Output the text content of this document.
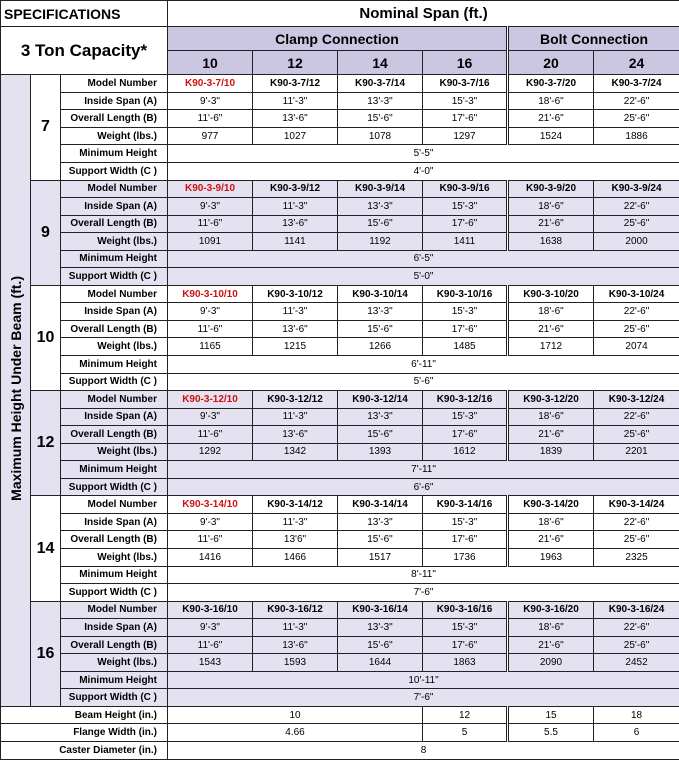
SPECIFICATIONS			Nominal Span (ft.)					
3 Ton Capacity*			Clamp Connection				Bolt Connection	
			10	12	14	16	20	24
Maximum Height Under Beam (ft.)	7	Model Number	K90-3-7/10	K90-3-7/12	K90-3-7/14	K90-3-7/16	K90-3-7/20	K90-3-7/24
		Inside Span (A)	9'-3"	11'-3"	13'-3"	15'-3"	18'-6"	22'-6"
		Overall Length (B)	11'-6"	13'-6"	15'-6"	17'-6"	21'-6"	25'-6"
		Weight (lbs.)	977	1027	1078	1297	1524	1886
		Minimum Height	5'-5"					
		Support Width (C )	4'-0"					
	9	Model Number	K90-3-9/10	K90-3-9/12	K90-3-9/14	K90-3-9/16	K90-3-9/20	K90-3-9/24
		Inside Span (A)	9'-3"	11'-3"	13'-3"	15'-3"	18'-6"	22'-6"
		Overall Length (B)	11'-6"	13'-6"	15'-6"	17'-6"	21'-6"	25'-6"
		Weight (lbs.)	1091	1141	1192	1411	1638	2000
		Minimum Height	6'-5"					
		Support Width (C )	5'-0"					
	10	Model Number	K90-3-10/10	K90-3-10/12	K90-3-10/14	K90-3-10/16	K90-3-10/20	K90-3-10/24
		Inside Span (A)	9'-3"	11'-3"	13'-3"	15'-3"	18'-6"	22'-6"
		Overall Length (B)	11'-6"	13'-6"	15'-6"	17'-6"	21'-6"	25'-6"
		Weight (lbs.)	1165	1215	1266	1485	1712	2074
		Minimum Height	6'-11"					
		Support Width (C )	5'-6"					
	12	Model Number	K90-3-12/10	K90-3-12/12	K90-3-12/14	K90-3-12/16	K90-3-12/20	K90-3-12/24
		Inside Span (A)	9'-3"	11'-3"	13'-3"	15'-3"	18'-6"	22'-6"
		Overall Length (B)	11'-6"	13'-6"	15'-6"	17'-6"	21'-6"	25'-6"
		Weight (lbs.)	1292	1342	1393	1612	1839	2201
		Minimum Height	7'-11"					
		Support Width (C )	6'-6"					
	14	Model Number	K90-3-14/10	K90-3-14/12	K90-3-14/14	K90-3-14/16	K90-3-14/20	K90-3-14/24
		Inside Span (A)	9'-3"	11'-3"	13'-3"	15'-3"	18'-6"	22'-6"
		Overall Length (B)	11'-6"	13'6"	15'-6"	17'-6"	21'-6"	25'-6"
		Weight (lbs.)	1416	1466	1517	1736	1963	2325
		Minimum Height	8'-11"					
		Support Width (C )	7'-6"					
	16	Model Number	K90-3-16/10	K90-3-16/12	K90-3-16/14	K90-3-16/16	K90-3-16/20	K90-3-16/24
		Inside Span (A)	9'-3"	11'-3"	13'-3"	15'-3"	18'-6"	22'-6"
		Overall Length (B)	11'-6"	13'-6"	15'-6"	17'-6"	21'-6"	25'-6"
		Weight (lbs.)	1543	1593	1644	1863	2090	2452
		Minimum Height	10'-11"					
		Support Width (C )	7'-6"					
Beam Height (in.)			10			12	15	18
Flange Width (in.)			4.66			5	5.5	6
Caster Diameter (in.)			8					
